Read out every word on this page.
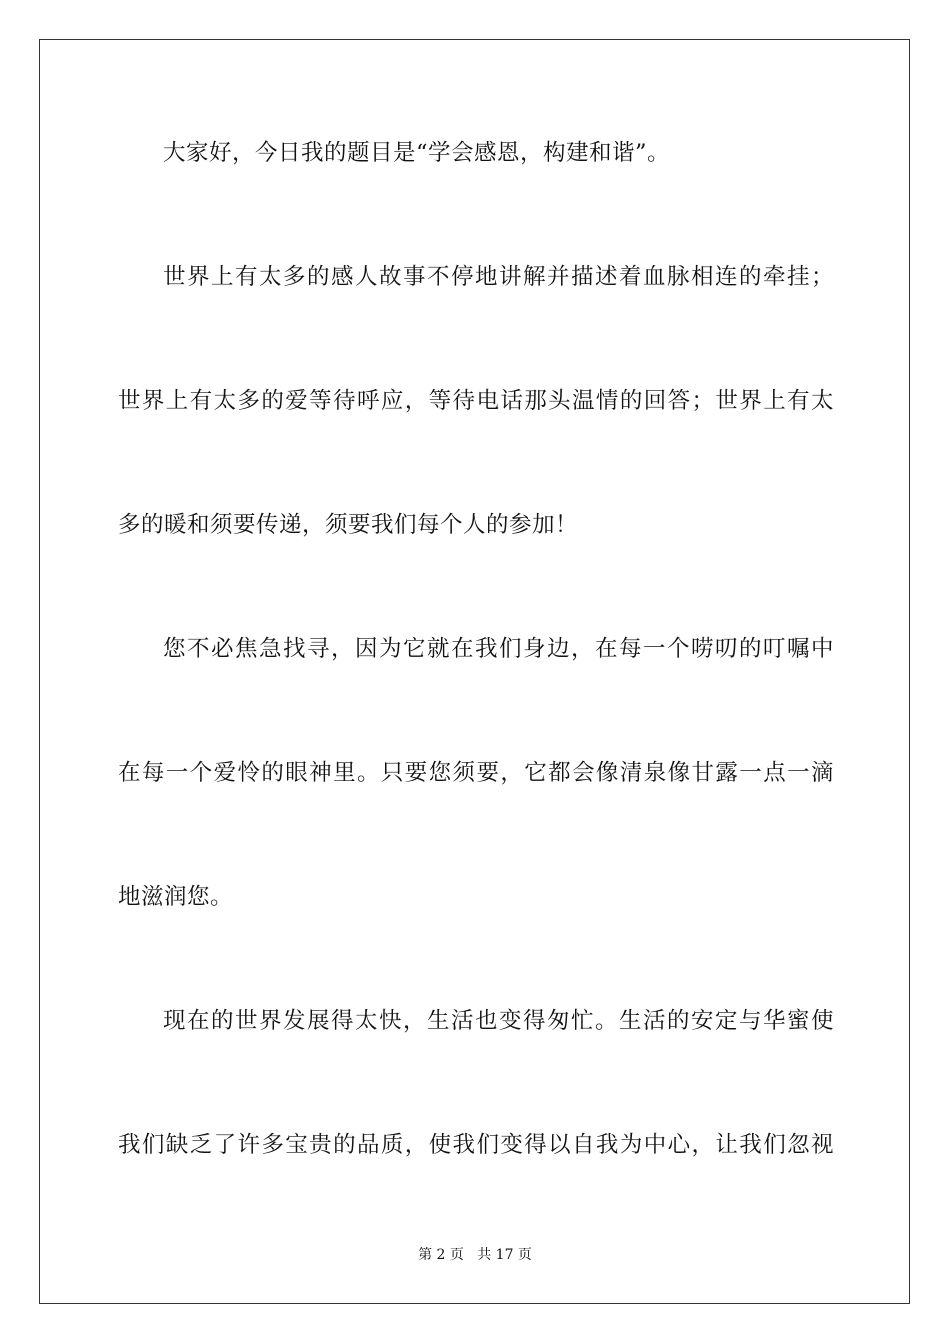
大家好，今日我的题目是“学会感恩，构建和谐”。
世界上有太多的感人故事不停地讲解并描述着血脉相连的牵挂；
世界上有太多的爱等待呼应，等待电话那头温情的回答；世界上有太
多的暖和须要传递，须要我们每个人的参加！
您不必焦急找寻，因为它就在我们身边，在每一个唠叨的叮嘱中
在每一个爱怜的眼神里。只要您须要，它都会像清泉像甘露一点一滴
地滋润您。
现在的世界发展得太快，生活也变得匆忙。生活的安定与华蜜使
我们缺乏了许多宝贵的品质，使我们变得以自我为中心，让我们忽视
第 2 页   共 17 页
